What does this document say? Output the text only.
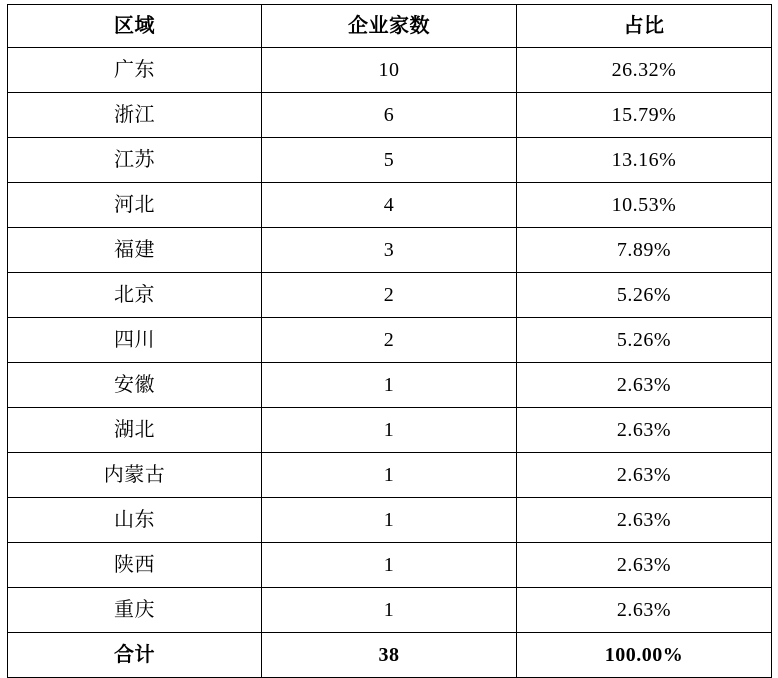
区域	企业家数	占比
广东	10	26.32%
浙江	6	15.79%
江苏	5	13.16%
河北	4	10.53%
福建	3	7.89%
北京	2	5.26%
四川	2	5.26%
安徽	1	2.63%
湖北	1	2.63%
内蒙古	1	2.63%
山东	1	2.63%
陕西	1	2.63%
重庆	1	2.63%
合计	38	100.00%
